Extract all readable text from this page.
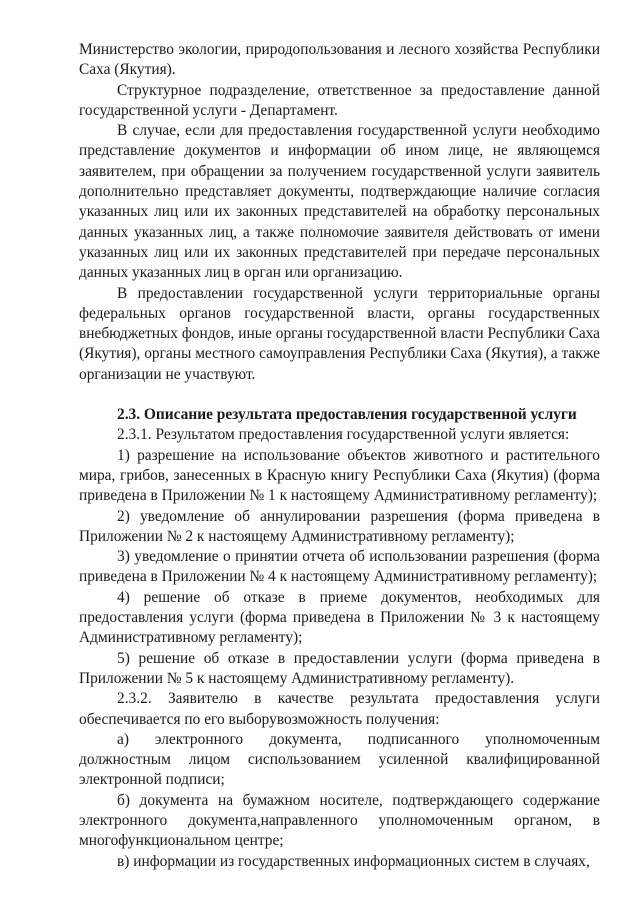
Министерство экологии, природопользования и лесного хозяйства Республики Саха (Якутия).

Структурное подразделение, ответственное за предоставление данной государственной услуги - Департамент.

В случае, если для предоставления государственной услуги необходимо представление документов и информации об ином лице, не являющемся заявителем, при обращении за получением государственной услуги заявитель дополнительно представляет документы, подтверждающие наличие согласия указанных лиц или их законных представителей на обработку персональных данных указанных лиц, а также полномочие заявителя действовать от имени указанных лиц или их законных представителей при передаче персональных данных указанных лиц в орган или организацию.

В предоставлении государственной услуги территориальные органы федеральных органов государственной власти, органы государственных внебюджетных фондов, иные органы государственной власти Республики Саха (Якутия), органы местного самоуправления Республики Саха (Якутия), а также организации не участвуют.

2.3. Описание результата предоставления государственной услуги

2.3.1. Результатом предоставления государственной услуги является:

1) разрешение на использование объектов животного и растительного мира, грибов, занесенных в Красную книгу Республики Саха (Якутия) (форма приведена в Приложении № 1 к настоящему Административному регламенту);

2) уведомление об аннулировании разрешения (форма приведена в Приложении № 2 к настоящему Административному регламенту);

3) уведомление о принятии отчета об использовании разрешения (форма приведена в Приложении № 4 к настоящему Административному регламенту);

4) решение об отказе в приеме документов, необходимых для предоставления услуги (форма приведена в Приложении № 3 к настоящему Административному регламенту);

5) решение об отказе в предоставлении услуги (форма приведена в Приложении № 5 к настоящему Административному регламенту).

2.3.2. Заявителю в качестве результата предоставления услуги обеспечивается по его выборувозможность получения:

а) электронного документа, подписанного уполномоченным должностным лицом сиспользованием усиленной квалифицированной электронной подписи;

б) документа на бумажном носителе, подтверждающего содержание электронного документа,направленного уполномоченным органом, в многофункциональном центре;

в) информации из государственных информационных систем в случаях,
